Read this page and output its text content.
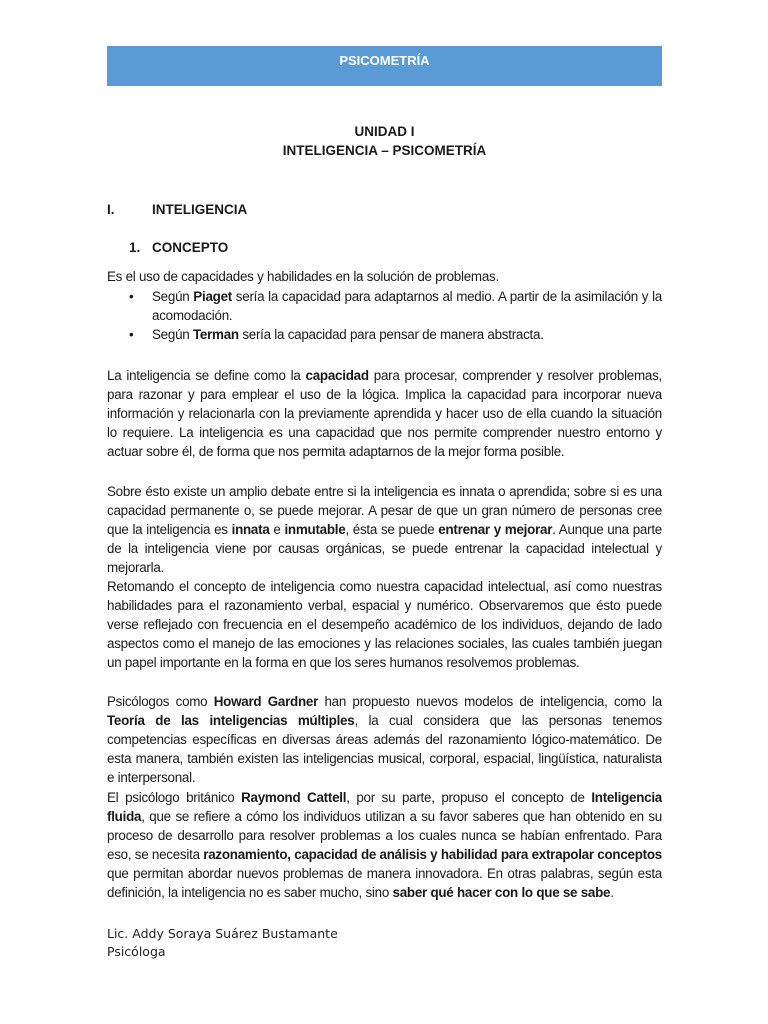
PSICOMETRÍA
UNIDAD I
INTELIGENCIA – PSICOMETRÍA
I.	INTELIGENCIA
1. CONCEPTO
Es el uso de capacidades y habilidades en la solución de problemas.
• Según Piaget sería la capacidad para adaptarnos al medio. A partir de la asimilación y la acomodación.
• Según Terman sería la capacidad para pensar de manera abstracta.
La inteligencia se define como la capacidad para procesar, comprender y resolver problemas, para razonar y para emplear el uso de la lógica. Implica la capacidad para incorporar nueva información y relacionarla con la previamente aprendida y hacer uso de ella cuando la situación lo requiere. La inteligencia es una capacidad que nos permite comprender nuestro entorno y actuar sobre él, de forma que nos permita adaptarnos de la mejor forma posible.
Sobre ésto existe un amplio debate entre si la inteligencia es innata o aprendida; sobre si es una capacidad permanente o, se puede mejorar. A pesar de que un gran número de personas cree que la inteligencia es innata e inmutable, ésta se puede entrenar y mejorar. Aunque una parte de la inteligencia viene por causas orgánicas, se puede entrenar la capacidad intelectual y mejorarla.
Retomando el concepto de inteligencia como nuestra capacidad intelectual, así como nuestras habilidades para el razonamiento verbal, espacial y numérico. Observaremos que ésto puede verse reflejado con frecuencia en el desempeño académico de los individuos, dejando de lado aspectos como el manejo de las emociones y las relaciones sociales, las cuales también juegan un papel importante en la forma en que los seres humanos resolvemos problemas.
Psicólogos como Howard Gardner han propuesto nuevos modelos de inteligencia, como la Teoría de las inteligencias múltiples, la cual considera que las personas tenemos competencias específicas en diversas áreas además del razonamiento lógico-matemático. De esta manera, también existen las inteligencias musical, corporal, espacial, lingüística, naturalista e interpersonal.
El psicólogo británico Raymond Cattell, por su parte, propuso el concepto de Inteligencia fluida, que se refiere a cómo los individuos utilizan a su favor saberes que han obtenido en su proceso de desarrollo para resolver problemas a los cuales nunca se habían enfrentado. Para eso, se necesita razonamiento, capacidad de análisis y habilidad para extrapolar conceptos que permitan abordar nuevos problemas de manera innovadora. En otras palabras, según esta definición, la inteligencia no es saber mucho, sino saber qué hacer con lo que se sabe.
Lic. Addy Soraya Suárez Bustamante
Psicóloga
